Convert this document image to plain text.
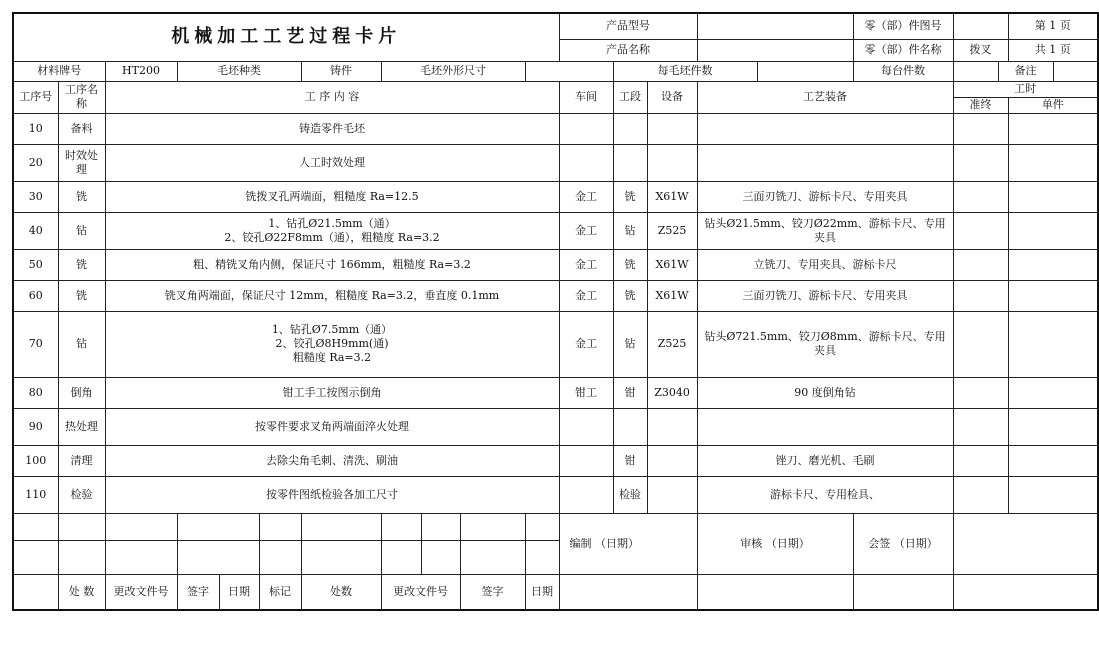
机械加工工艺过程卡片											产品型号					零（部）件图号			第 1 页	
											产品名称					零（部）件名称	拨叉		共 1 页	
材料牌号		HT200	毛坯种类			铸件	毛坯外形尺寸					每毛坯件数				每台件数		备注		
工序号	工序名称	工 序 内 容									车间	工段	设备	工艺装备			工时			
																	准终		单件	
10	备料	铸造零件毛坯																		
20	时效处理	人工时效处理																		
30	铣	铣拨叉孔两端面，粗糙度 Ra=12.5									金工	铣	X61W	三面刃铣刀、游标卡尺、专用夹具						
40	钻	1、钻孔Ø21.5mm（通）
2、铰孔Ø22F8mm（通），粗糙度 Ra=3.2									金工	钻	Z525	钻头Ø21.5mm、铰刀Ø22mm、游标卡尺、专用夹具						
50	铣	粗、精铣叉角内侧，保证尺寸 166mm，粗糙度 Ra=3.2									金工	铣	X61W	立铣刀、专用夹具、游标卡尺						
60	铣	铣叉角两端面，保证尺寸 12mm，粗糙度 Ra=3.2，垂直度 0.1mm									金工	铣	X61W	三面刃铣刀、游标卡尺、专用夹具						
70	钻	1、钻孔Ø7.5mm（通）
2、铰孔Ø8H9mm(通)
粗糙度 Ra=3.2									金工	钻	Z525	钻头Ø721.5mm、铰刀Ø8mm、游标卡尺、专用夹具						
80	倒角	钳工手工按图示倒角									钳工	钳	Z3040	90 度倒角钻						
90	热处理	按零件要求叉角两端面淬火处理																		
100	清理	去除尖角毛刺、清洗、刷油										钳		锉刀、磨光机、毛刷						
110	检验	按零件图纸检验各加工尺寸										检验		游标卡尺、专用检具、						
											编制 （日期）			审核 （日期）		会签 （日期）				

	处 数	更改文件号	签字	日期	标记	处数	更改文件号		签字	日期										
